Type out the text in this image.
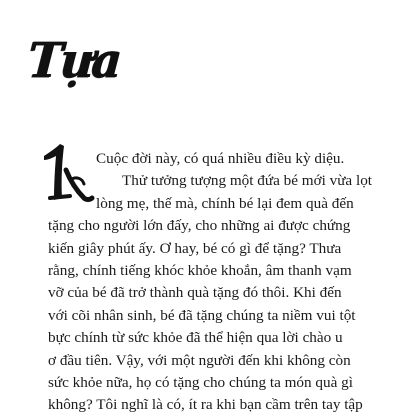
Tựa
Cuộc đời này, có quá nhiều điều kỳ diệu.
Thử tưởng tượng một đứa bé mới vừa lọt
lòng mẹ, thế mà, chính bé lại đem quà đến
tặng cho người lớn đấy, cho những ai được chứng
kiến giây phút ấy. Ơ hay, bé có gì để tặng? Thưa
rằng, chính tiếng khóc khỏe khoắn, âm thanh vạm
vỡ của bé đã trở thành quà tặng đó thôi. Khi đến
với cõi nhân sinh, bé đã tặng chúng ta niềm vui tột
bực chính từ sức khỏe đã thể hiện qua lời chào u
ơ đầu tiên. Vậy, với một người đến khi không còn
sức khỏe nữa, họ có tặng cho chúng ta món quà gì
không? Tôi nghĩ là có, ít ra khi bạn cầm trên tay tập
